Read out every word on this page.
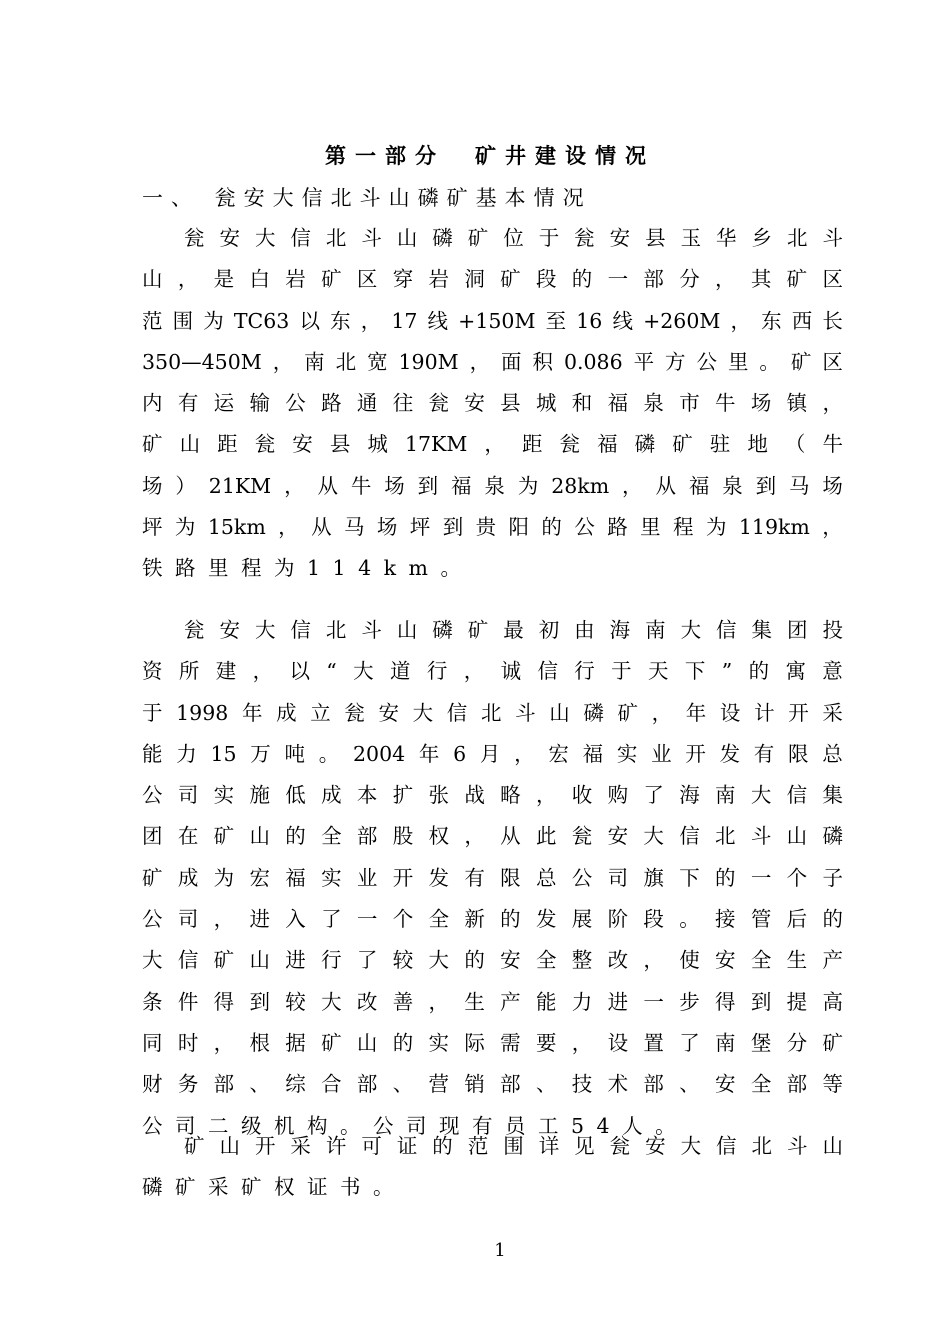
第一部分　矿井建设情况
一、 瓮安大信北斗山磷矿基本情况
瓮 安 大 信 北 斗 山 磷 矿 位 于 瓮 安 县 玉 华 乡 北 斗
山 ， 是 白 岩 矿 区 穿 岩 洞 矿 段 的 一 部 分 ， 其 矿 区
范 围 为 TC63 以 东 ， 17 线 +150M 至 16 线 +260M ， 东 西 长
350—450M ， 南 北 宽 190M ， 面 积 0.086 平 方 公 里 。 矿 区
内 有 运 输 公 路 通 往 瓮 安 县 城 和 福 泉 市 牛 场 镇 ，
矿 山 距 瓮 安 县 城 17KM ， 距 瓮 福 磷 矿 驻 地 （ 牛
场 ） 21KM ， 从 牛 场 到 福 泉 为 28km ， 从 福 泉 到 马 场
坪 为 15km ， 从 马 场 坪 到 贵 阳 的 公 路 里 程 为 119km ，
铁路里程为114km。
瓮 安 大 信 北 斗 山 磷 矿 最 初 由 海 南 大 信 集 团 投
资 所 建 ， 以 “ 大 道 行 ， 诚 信 行 于 天 下 ” 的 寓 意
于 1998 年 成 立 瓮 安 大 信 北 斗 山 磷 矿 ， 年 设 计 开 采
能 力 15 万 吨 。 2004 年 6 月 ， 宏 福 实 业 开 发 有 限 总
公 司 实 施 低 成 本 扩 张 战 略 ， 收 购 了 海 南 大 信 集
团 在 矿 山 的 全 部 股 权 ， 从 此 瓮 安 大 信 北 斗 山 磷
矿 成 为 宏 福 实 业 开 发 有 限 总 公 司 旗 下 的 一 个 子
公 司 ， 进 入 了 一 个 全 新 的 发 展 阶 段 。 接 管 后 的
大 信 矿 山 进 行 了 较 大 的 安 全 整 改 ， 使 安 全 生 产
条 件 得 到 较 大 改 善 ， 生 产 能 力 进 一 步 得 到 提 高
同 时 ， 根 据 矿 山 的 实 际 需 要 ， 设 置 了 南 堡 分 矿
财 务 部 、 综 合 部 、 营 销 部 、 技 术 部 、 安 全 部 等
公司二级机构。公司现有员工54人。
矿 山 开 采 许 可 证 的 范 围 详 见 瓮 安 大 信 北 斗 山
磷矿采矿权证书。
1
